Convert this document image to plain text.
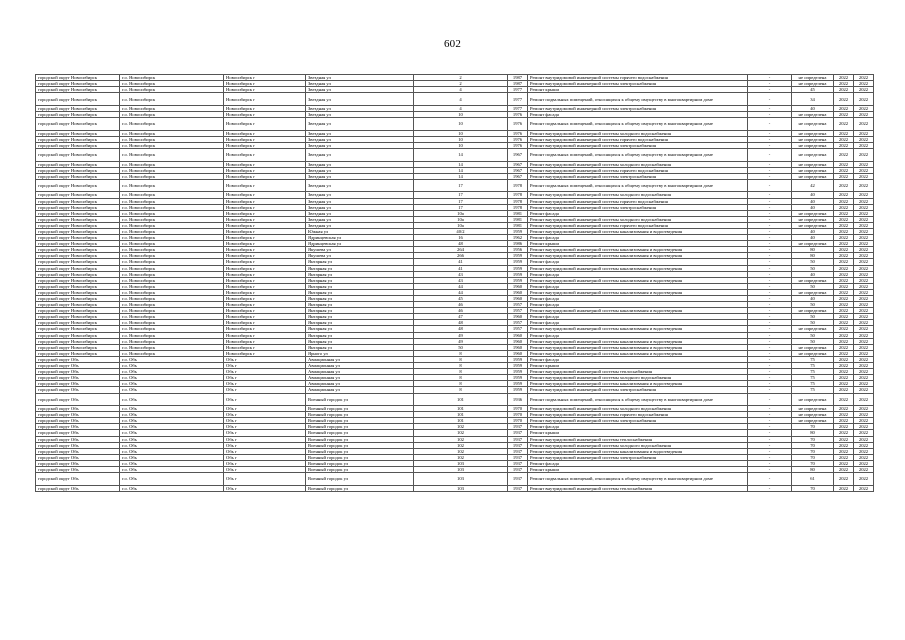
602
городской округ Новосибирск	г.о. Новосибирск	Новосибирск г	Звездная ул	2	1987	Ремонт внутридомовой инженерной системы горячего водоснабжения	-	не определена	2022	2022
городской округ Новосибирск	г.о. Новосибирск	Новосибирск г	Звездная ул	2	1987	Ремонт внутридомовой инженерной системы электроснабжения	-	не определена	2022	2022
городской округ Новосибирск	г.о. Новосибирск	Новосибирск г	Звездная ул	4	1977	Ремонт крыши	-	45	2022	2022
городской округ Новосибирск	г.о. Новосибирск	Новосибирск г	Звездная ул	4	1977	Ремонт подвальных помещений, относящихся к общему имуществу в многоквартирном доме	-	34	2022	2022
городской округ Новосибирск	г.о. Новосибирск	Новосибирск г	Звездная ул	4	1977	Ремонт внутридомовой инженерной системы электроснабжения	-	40	2022	2022
городской округ Новосибирск	г.о. Новосибирск	Новосибирск г	Звездная ул	10	1976	Ремонт фасада	-	не определена	2022	2022
городской округ Новосибирск	г.о. Новосибирск	Новосибирск г	Звездная ул	10	1976	Ремонт подвальных помещений, относящихся к общему имуществу в многоквартирном доме	-	не определена	2022	2022
городской округ Новосибирск	г.о. Новосибирск	Новосибирск г	Звездная ул	10	1976	Ремонт внутридомовой инженерной системы холодного водоснабжения	-	не определена	2022	2022
городской округ Новосибирск	г.о. Новосибирск	Новосибирск г	Звездная ул	10	1976	Ремонт внутридомовой инженерной системы горячего водоснабжения	-	не определена	2022	2022
городской округ Новосибирск	г.о. Новосибирск	Новосибирск г	Звездная ул	10	1976	Ремонт внутридомовой инженерной системы электроснабжения	-	не определена	2022	2022
городской округ Новосибирск	г.о. Новосибирск	Новосибирск г	Звездная ул	14	1967	Ремонт подвальных помещений, относящихся к общему имуществу в многоквартирном доме	-	не определена	2022	2022
городской округ Новосибирск	г.о. Новосибирск	Новосибирск г	Звездная ул	14	1967	Ремонт внутридомовой инженерной системы холодного водоснабжения	-	не определена	2022	2022
городской округ Новосибирск	г.о. Новосибирск	Новосибирск г	Звездная ул	14	1967	Ремонт внутридомовой инженерной системы горячего водоснабжения	-	не определена	2022	2022
городской округ Новосибирск	г.о. Новосибирск	Новосибирск г	Звездная ул	14	1967	Ремонт внутридомовой инженерной системы электроснабжения	-	не определена	2022	2022
городской округ Новосибирск	г.о. Новосибирск	Новосибирск г	Звездная ул	17	1978	Ремонт подвальных помещений, относящихся к общему имуществу в многоквартирном доме	-	42	2022	2022
городской округ Новосибирск	г.о. Новосибирск	Новосибирск г	Звездная ул	17	1978	Ремонт внутридомовой инженерной системы холодного водоснабжения	-	40	2022	2022
городской округ Новосибирск	г.о. Новосибирск	Новосибирск г	Звездная ул	17	1978	Ремонт внутридомовой инженерной системы горячего водоснабжения	-	40	2022	2022
городской округ Новосибирск	г.о. Новосибирск	Новосибирск г	Звездная ул	17	1978	Ремонт внутридомовой инженерной системы электроснабжения	-	40	2022	2022
городской округ Новосибирск	г.о. Новосибирск	Новосибирск г	Звездная ул	10а	1981	Ремонт фасада	-	не определена	2022	2022
городской округ Новосибирск	г.о. Новосибирск	Новосибирск г	Звездная ул	10а	1981	Ремонт внутридомовой инженерной системы холодного водоснабжения	-	не определена	2022	2022
городской округ Новосибирск	г.о. Новосибирск	Новосибирск г	Звездная ул	10а	1981	Ремонт внутридомовой инженерной системы горячего водоснабжения	-	не определена	2022	2022
городской округ Новосибирск	г.о. Новосибирск	Новосибирск г	Южная ул	40/2	1959	Ремонт внутридомовой инженерной системы канализования и водоотведения	-	40	2022	2022
городской округ Новосибирск	г.о. Новосибирск	Новосибирск г	Ядринцевская ул	16	1962	Ремонт фасада	-	40	2022	2022
городской округ Новосибирск	г.о. Новосибирск	Новосибирск г	Ядринцевская ул	48	1986	Ремонт крыши	-	не определена	2022	2022
городской округ Новосибирск	г.о. Новосибирск	Новосибирск г	Якушева ул	264	1956	Ремонт внутридомовой инженерной системы канализования и водоотведения	-	80	2022	2022
городской округ Новосибирск	г.о. Новосибирск	Новосибирск г	Якушева ул	266	1959	Ремонт внутридомовой инженерной системы канализования и водоотведения	-	80	2022	2022
городской округ Новосибирск	г.о. Новосибирск	Новосибирск г	Янтарная ул	41	1959	Ремонт фасада	-	50	2022	2022
городской округ Новосибирск	г.о. Новосибирск	Новосибирск г	Янтарная ул	41	1959	Ремонт внутридомовой инженерной системы канализования и водоотведения	-	50	2022	2022
городской округ Новосибирск	г.о. Новосибирск	Новосибирск г	Янтарная ул	43	1959	Ремонт фасада	-	40	2022	2022
городской округ Новосибирск	г.о. Новосибирск	Новосибирск г	Янтарная ул	43	1959	Ремонт внутридомовой инженерной системы канализования и водоотведения	-	не определена	2022	2022
городской округ Новосибирск	г.о. Новосибирск	Новосибирск г	Янтарная ул	44	1960	Ремонт фасада	-	50	2022	2022
городской округ Новосибирск	г.о. Новосибирск	Новосибирск г	Янтарная ул	44	1960	Ремонт внутридомовой инженерной системы канализования и водоотведения	-	не определена	2022	2022
городской округ Новосибирск	г.о. Новосибирск	Новосибирск г	Янтарная ул	45	1960	Ремонт фасада	-	40	2022	2022
городской округ Новосибирск	г.о. Новосибирск	Новосибирск г	Янтарная ул	46	1957	Ремонт фасада	-	50	2022	2022
городской округ Новосибирск	г.о. Новосибирск	Новосибирск г	Янтарная ул	46	1957	Ремонт внутридомовой инженерной системы канализования и водоотведения	-	не определена	2022	2022
городской округ Новосибирск	г.о. Новосибирск	Новосибирск г	Янтарная ул	47	1960	Ремонт фасада	-	50	2022	2022
городской округ Новосибирск	г.о. Новосибирск	Новосибирск г	Янтарная ул	48	1957	Ремонт фасада	-	50	2022	2022
городской округ Новосибирск	г.о. Новосибирск	Новосибирск г	Янтарная ул	48	1957	Ремонт внутридомовой инженерной системы канализования и водоотведения	-	не определена	2022	2022
городской округ Новосибирск	г.о. Новосибирск	Новосибирск г	Янтарная ул	49	1960	Ремонт фасада	-	50	2022	2022
городской округ Новосибирск	г.о. Новосибирск	Новосибирск г	Янтарная ул	49	1960	Ремонт внутридомовой инженерной системы канализования и водоотведения	-	50	2022	2022
городской округ Новосибирск	г.о. Новосибирск	Новосибирск г	Янтарная ул	50	1960	Ремонт внутридомовой инженерной системы канализования и водоотведения	-	не определена	2022	2022
городской округ Новосибирск	г.о. Новосибирск	Новосибирск г	Ярного ул	8	1960	Ремонт внутридомовой инженерной системы канализования и водоотведения	-	не определена	2022	2022
городской округ Обь	г.о. Обь	Обь г	Авиационная ул	8	1959	Ремонт фасада	-	75	2022	2022
городской округ Обь	г.о. Обь	Обь г	Авиационная ул	8	1959	Ремонт крыши	-	75	2022	2022
городской округ Обь	г.о. Обь	Обь г	Авиационная ул	8	1959	Ремонт внутридомовой инженерной системы теплоснабжения	-	75	2022	2022
городской округ Обь	г.о. Обь	Обь г	Авиационная ул	8	1959	Ремонт внутридомовой инженерной системы холодного водоснабжения	-	75	2022	2022
городской округ Обь	г.о. Обь	Обь г	Авиационная ул	8	1959	Ремонт внутридомовой инженерной системы канализования и водоотведения	-	75	2022	2022
городской округ Обь	г.о. Обь	Обь г	Авиационная ул	8	1959	Ремонт внутридомовой инженерной системы электроснабжения	-	75	2022	2022
городской округ Обь	г.о. Обь	Обь г	Военный городок ул	101	1936	Ремонт подвальных помещений, относящихся к общему имуществу в многоквартирном доме	-	не определена	2022	2022
городской округ Обь	г.о. Обь	Обь г	Военный городок ул	101	1970	Ремонт внутридомовой инженерной системы холодного водоснабжения	-	не определена	2022	2022
городской округ Обь	г.о. Обь	Обь г	Военный городок ул	101	1970	Ремонт внутридомовой инженерной системы горячего водоснабжения	-	не определена	2022	2022
городской округ Обь	г.о. Обь	Обь г	Военный городок ул	101	1970	Ремонт внутридомовой инженерной системы электроснабжения	-	не определена	2022	2022
городской округ Обь	г.о. Обь	Обь г	Военный городок ул	102	1937	Ремонт фасада	-	70	2022	2022
городской округ Обь	г.о. Обь	Обь г	Военный городок ул	102	1937	Ремонт крыши	-	80	2022	2022
городской округ Обь	г.о. Обь	Обь г	Военный городок ул	102	1937	Ремонт внутридомовой инженерной системы теплоснабжения	-	70	2022	2022
городской округ Обь	г.о. Обь	Обь г	Военный городок ул	102	1937	Ремонт внутридомовой инженерной системы холодного водоснабжения	-	70	2022	2022
городской округ Обь	г.о. Обь	Обь г	Военный городок ул	102	1937	Ремонт внутридомовой инженерной системы канализования и водоотведения	-	70	2022	2022
городской округ Обь	г.о. Обь	Обь г	Военный городок ул	102	1937	Ремонт внутридомовой инженерной системы электроснабжения	-	70	2022	2022
городской округ Обь	г.о. Обь	Обь г	Военный городок ул	103	1937	Ремонт фасада	-	70	2022	2022
городской округ Обь	г.о. Обь	Обь г	Военный городок ул	103	1937	Ремонт крыши	-	80	2022	2022
городской округ Обь	г.о. Обь	Обь г	Военный городок ул	103	1937	Ремонт подвальных помещений, относящихся к общему имуществу в многоквартирном доме	-	61	2022	2022
городской округ Обь	г.о. Обь	Обь г	Военный городок ул	103	1937	Ремонт внутридомовой инженерной системы теплоснабжения	-	70	2022	2022
